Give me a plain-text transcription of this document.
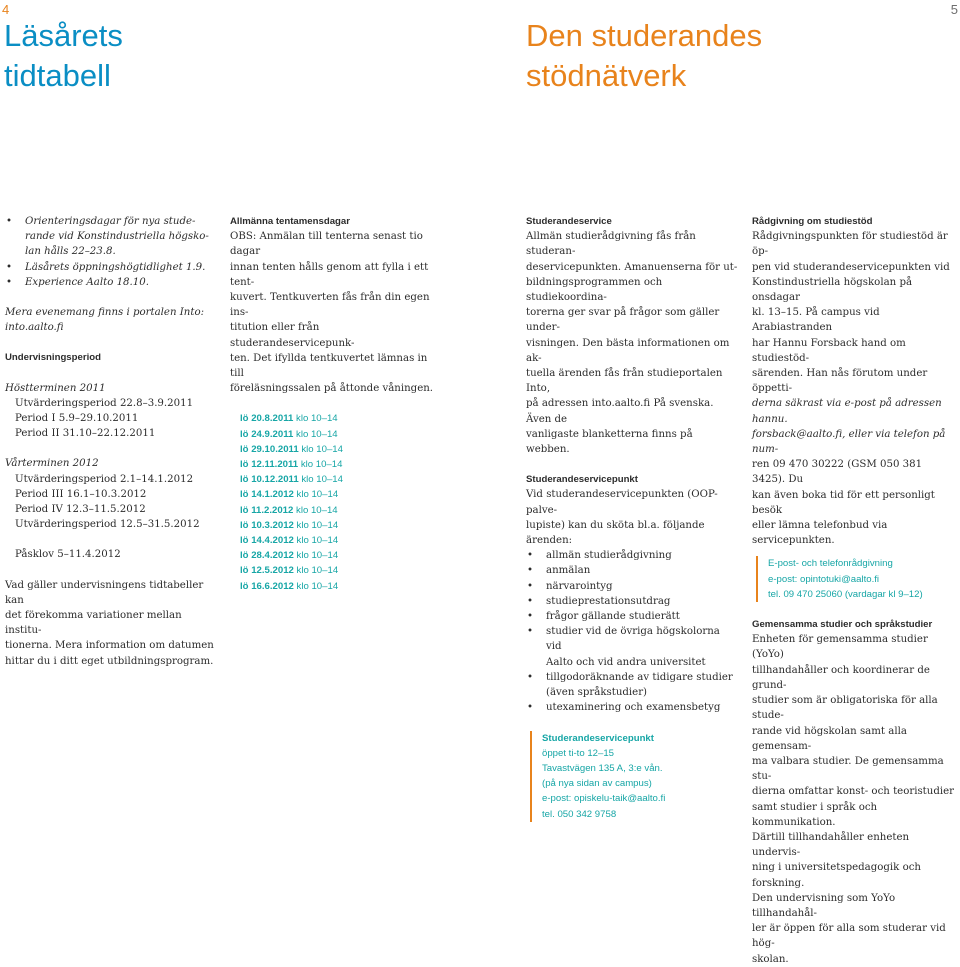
4	5
Läsårets
tidtabell
Den studerandes
stödnätverk
• Orienteringsdagar för nya stude-
rande vid Konstindustriella högsko-
lan hålls 22–23.8.
• Läsårets öppningshögtidlighet 1.9.
• Experience Aalto 18.10.
Mera evenemang finns i portalen Into:
into.aalto.fi
Undervisningsperiod
Höstterminen 2011
Utvärderingsperiod 22.8–3.9.2011
Period I 5.9–29.10.2011
Period II 31.10–22.12.2011
Vårterminen 2012
Utvärderingsperiod 2.1–14.1.2012
Period III 16.1–10.3.2012
Period IV 12.3–11.5.2012
Utvärderingsperiod 12.5–31.5.2012
Påsklov 5–11.4.2012
Vad gäller undervisningens tidtabeller kan
det förekomma variationer mellan institu-
tionerna. Mera information om datumen
hittar du i ditt eget utbildningsprogram.
Allmänna tentamensdagar
OBS: Anmälan till tenterna senast tio dagar
innan tenten hålls genom att fylla i ett tent-
kuvert. Tentkuverten fås från din egen ins-
titution eller från studerandeservicepunk-
ten. Det ifyllda tentkuvertet lämnas in till
föreläsningssalen på åttonde våningen.
lö 20.8.2011 klo 10–14
lö 24.9.2011 klo 10–14
lö 29.10.2011 klo 10–14
lö 12.11.2011 klo 10–14
lö 10.12.2011 klo 10–14
lö 14.1.2012 klo 10–14
lö 11.2.2012 klo 10–14
lö 10.3.2012 klo 10–14
lö 14.4.2012 klo 10–14
lö 28.4.2012 klo 10–14
lö 12.5.2012 klo 10–14
lö 16.6.2012 klo 10–14
Studerandeservice
Allmän studierådgivning fås från studeran-
deservicepunkten. Amanuenserna för ut-
bildningsprogrammen och studiekoordina-
torerna ger svar på frågor som gäller under-
visningen. Den bästa informationen om ak-
tuella ärenden fås från studieportalen Into,
på adressen into.aalto.fi På svenska. Även de
vanligaste blanketterna finns på webben.
Studerandeservicepunkt
Vid studerandeservicepunkten (OOP-palve-
lupiste) kan du sköta bl.a. följande ärenden:
• allmän studierådgivning
• anmälan
• närvarointyg
• studieprestationsutdrag
• frågor gällande studierätt
• studier vid de övriga högskolorna vid
Aalto och vid andra universitet
• tillgodoräknande av tidigare studier
(även språkstudier)
• utexaminering och examensbetyg
Studerandeservicepunkt
öppet ti-to 12–15
Tavastvägen 135 A, 3:e vån.
(på nya sidan av campus)
e-post: opiskelu-taik@aalto.fi
tel. 050 342 9758
Rådgivning om studiestöd
Rådgivningspunkten för studiestöd är öp-
pen vid studerandeservicepunkten vid
Konstindustriella högskolan på onsdagar
kl. 13–15. På campus vid Arabiastranden
har Hannu Forsback hand om studiestöd-
särenden. Han nås förutom under öppetti-
derna säkrast via e-post på adressen hannu.
forsback@aalto.fi, eller via telefon på num-
ren 09 470 30222 (GSM 050 381 3425). Du
kan även boka tid för ett personligt besök
eller lämna telefonbud via servicepunkten.
E-post- och telefonrådgivning
e-post: opintotuki@aalto.fi
tel. 09 470 25060 (vardagar kl 9–12)
Gemensamma studier och språkstudier
Enheten för gemensamma studier (YoYo)
tillhandahåller och koordinerar de grund-
studier som är obligatoriska för alla stude-
rande vid högskolan samt alla gemensam-
ma valbara studier. De gemensamma stu-
dierna omfattar konst- och teoristudier
samt studier i språk och kommunikation.
Därtill tillhandahåller enheten undervis-
ning i universitetspedagogik och forskning.
Den undervisning som YoYo tillhandahål-
ler är öppen för alla som studerar vid hög-
skolan.
